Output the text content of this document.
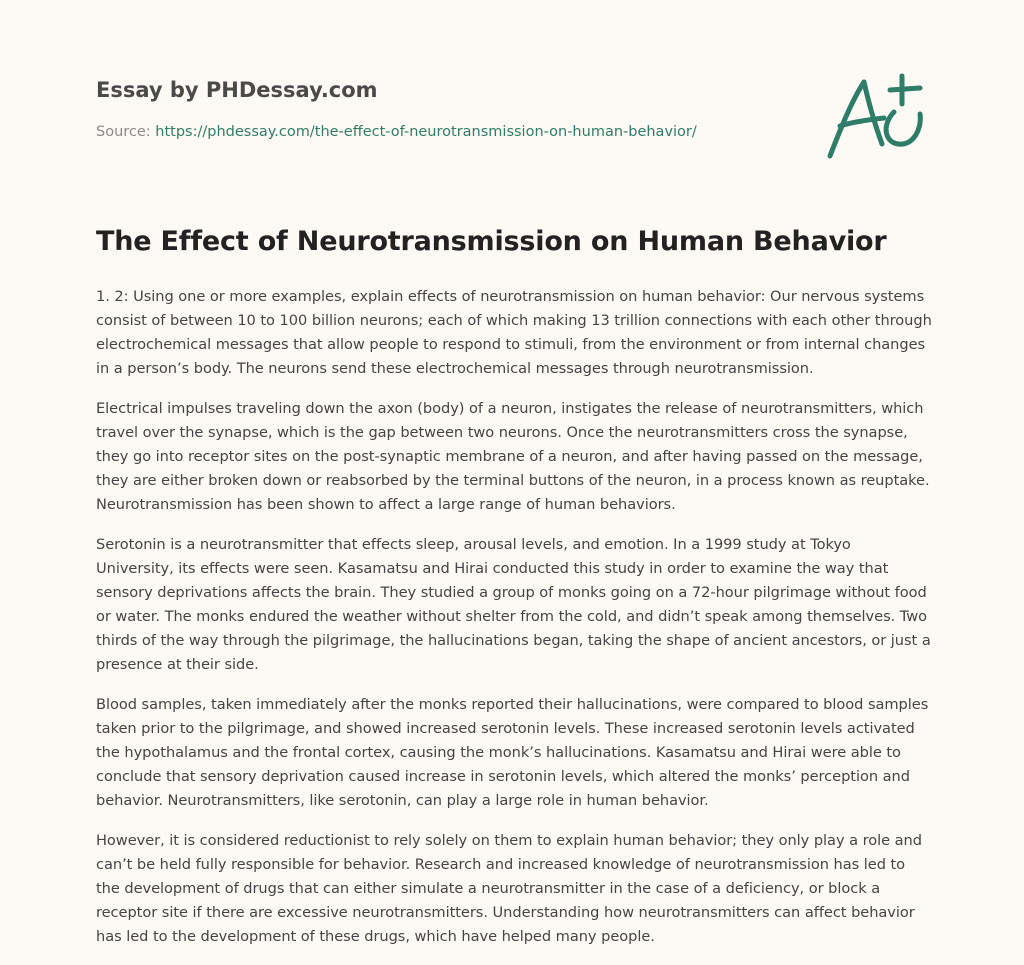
Essay by PHDessay.com
Source: https://phdessay.com/the-effect-of-neurotransmission-on-human-behavior/
The Effect of Neurotransmission on Human Behavior

1. 2: Using one or more examples, explain effects of neurotransmission on human behavior: Our nervous systems consist of between 10 to 100 billion neurons; each of which making 13 trillion connections with each other through electrochemical messages that allow people to respond to stimuli, from the environment or from internal changes in a person’s body. The neurons send these electrochemical messages through neurotransmission.

Electrical impulses traveling down the axon (body) of a neuron, instigates the release of neurotransmitters, which travel over the synapse, which is the gap between two neurons. Once the neurotransmitters cross the synapse, they go into receptor sites on the post-synaptic membrane of a neuron, and after having passed on the message, they are either broken down or reabsorbed by the terminal buttons of the neuron, in a process known as reuptake. Neurotransmission has been shown to affect a large range of human behaviors.

Serotonin is a neurotransmitter that effects sleep, arousal levels, and emotion. In a 1999 study at Tokyo University, its effects were seen. Kasamatsu and Hirai conducted this study in order to examine the way that sensory deprivations affects the brain. They studied a group of monks going on a 72-hour pilgrimage without food or water. The monks endured the weather without shelter from the cold, and didn’t speak among themselves. Two thirds of the way through the pilgrimage, the hallucinations began, taking the shape of ancient ancestors, or just a presence at their side.

Blood samples, taken immediately after the monks reported their hallucinations, were compared to blood samples taken prior to the pilgrimage, and showed increased serotonin levels. These increased serotonin levels activated the hypothalamus and the frontal cortex, causing the monk’s hallucinations. Kasamatsu and Hirai were able to conclude that sensory deprivation caused increase in serotonin levels, which altered the monks’ perception and behavior. Neurotransmitters, like serotonin, can play a large role in human behavior.

However, it is considered reductionist to rely solely on them to explain human behavior; they only play a role and can’t be held fully responsible for behavior. Research and increased knowledge of neurotransmission has led to the development of drugs that can either simulate a neurotransmitter in the case of a deficiency, or block a receptor site if there are excessive neurotransmitters. Understanding how neurotransmitters can affect behavior has led to the development of these drugs, which have helped many people.
